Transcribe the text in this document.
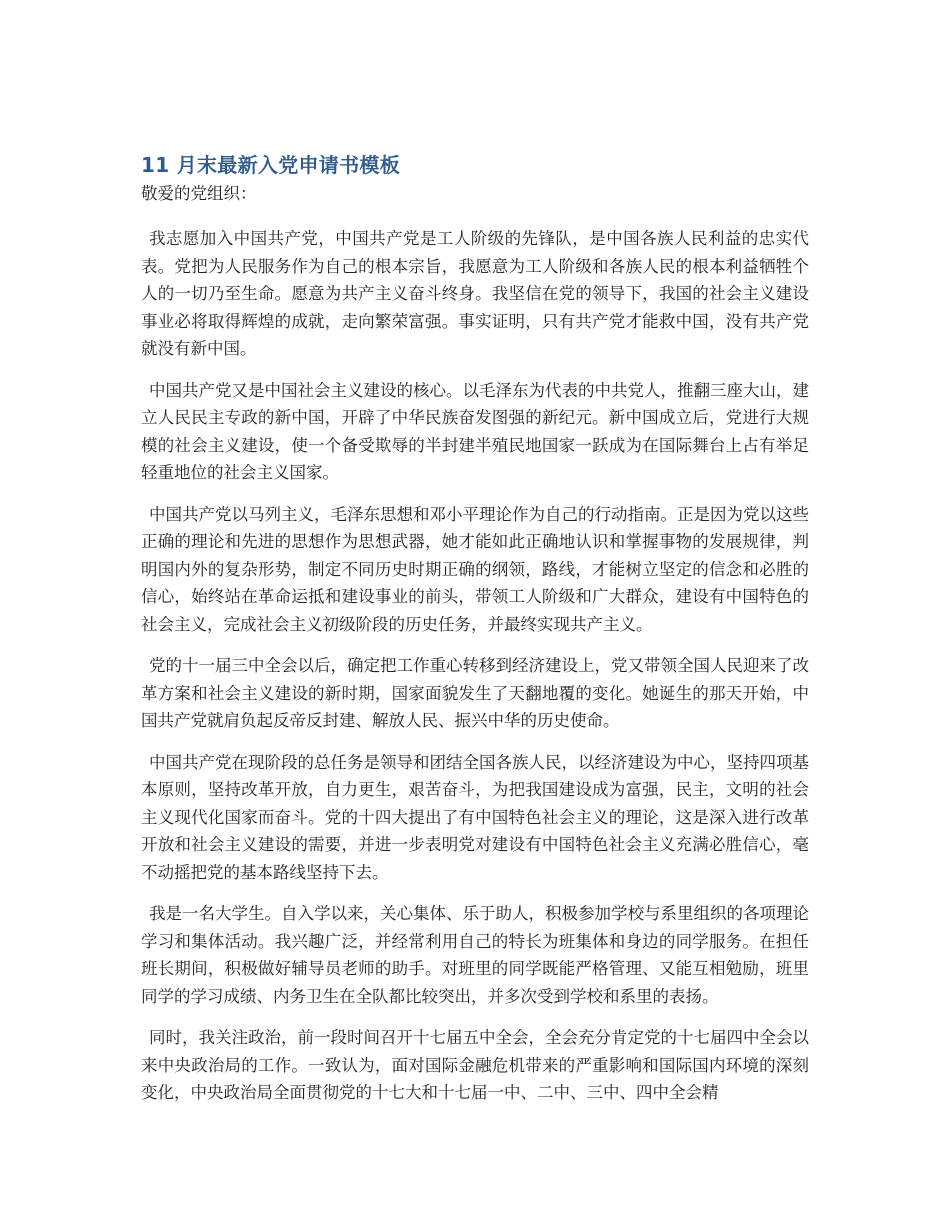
11 月末最新入党申请书模板

敬爱的党组织：

我志愿加入中国共产党，中国共产党是工人阶级的先锋队，是中国各族人民利益的忠实代表。党把为人民服务作为自己的根本宗旨，我愿意为工人阶级和各族人民的根本利益牺牲个人的一切乃至生命。愿意为共产主义奋斗终身。我坚信在党的领导下，我国的社会主义建设事业必将取得辉煌的成就，走向繁荣富强。事实证明，只有共产党才能救中国，没有共产党就没有新中国。

中国共产党又是中国社会主义建设的核心。以毛泽东为代表的中共党人，推翻三座大山，建立人民民主专政的新中国，开辟了中华民族奋发图强的新纪元。新中国成立后，党进行大规模的社会主义建设，使一个备受欺辱的半封建半殖民地国家一跃成为在国际舞台上占有举足轻重地位的社会主义国家。

中国共产党以马列主义，毛泽东思想和邓小平理论作为自己的行动指南。正是因为党以这些正确的理论和先进的思想作为思想武器，她才能如此正确地认识和掌握事物的发展规律，判明国内外的复杂形势，制定不同历史时期正确的纲领，路线，才能树立坚定的信念和必胜的信心，始终站在革命运抵和建设事业的前头，带领工人阶级和广大群众，建设有中国特色的社会主义，完成社会主义初级阶段的历史任务，并最终实现共产主义。

党的十一届三中全会以后，确定把工作重心转移到经济建设上，党又带领全国人民迎来了改革方案和社会主义建设的新时期，国家面貌发生了天翻地覆的变化。她诞生的那天开始，中国共产党就肩负起反帝反封建、解放人民、振兴中华的历史使命。

中国共产党在现阶段的总任务是领导和团结全国各族人民，以经济建设为中心，坚持四项基本原则，坚持改革开放，自力更生，艰苦奋斗，为把我国建设成为富强，民主，文明的社会主义现代化国家而奋斗。党的十四大提出了有中国特色社会主义的理论，这是深入进行改革开放和社会主义建设的需要，并进一步表明党对建设有中国特色社会主义充满必胜信心，毫不动摇把党的基本路线坚持下去。

我是一名大学生。自入学以来，关心集体、乐于助人，积极参加学校与系里组织的各项理论学习和集体活动。我兴趣广泛，并经常利用自己的特长为班集体和身边的同学服务。在担任班长期间，积极做好辅导员老师的助手。对班里的同学既能严格管理、又能互相勉励，班里同学的学习成绩、内务卫生在全队都比较突出，并多次受到学校和系里的表扬。

同时，我关注政治，前一段时间召开十七届五中全会，全会充分肯定党的十七届四中全会以来中央政治局的工作。一致认为，面对国际金融危机带来的严重影响和国际国内环境的深刻变化，中央政治局全面贯彻党的十七大和十七届一中、二中、三中、四中全会精
